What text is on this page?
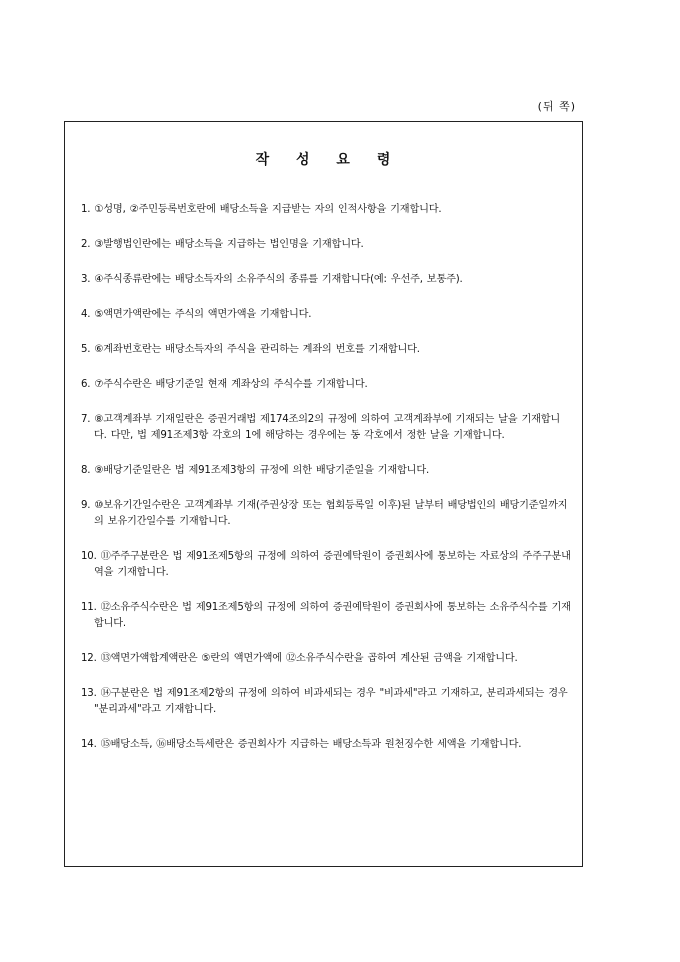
(뒤 쪽)
작 성 요 령

1. ①성명, ②주민등록번호란에 배당소득을 지급받는 자의 인적사항을 기재합니다.

2. ③발행법인란에는 배당소득을 지급하는 법인명을 기재합니다.

3. ④주식종류란에는 배당소득자의 소유주식의 종류를 기재합니다(예: 우선주, 보통주).

4. ⑤액면가액란에는 주식의 액면가액을 기재합니다.

5. ⑥계좌번호란는 배당소득자의 주식을 관리하는 계좌의 번호를 기재합니다.

6. ⑦주식수란은 배당기준일 현재 계좌상의 주식수를 기재합니다.

7. ⑧고객계좌부 기재일란은 증권거래법 제174조의2의 규정에 의하여 고객계좌부에 기재되는 날을 기재합니다. 다만, 법 제91조제3항 각호의 1에 해당하는 경우에는 동 각호에서 정한 날을 기재합니다.

8. ⑨배당기준일란은 법 제91조제3항의 규정에 의한 배당기준일을 기재합니다.

9. ⑩보유기간일수란은 고객계좌부 기재(주권상장 또는 협회등록일 이후)된 날부터 배당법인의 배당기준일까지의 보유기간일수를 기재합니다.

10. ⑪주주구분란은 법 제91조제5항의 규정에 의하여 증권예탁원이 증권회사에 통보하는 자료상의 주주구분내역을 기재합니다.

11. ⑫소유주식수란은 법 제91조제5항의 규정에 의하여 증권예탁원이 증권회사에 통보하는 소유주식수를 기재합니다.

12. ⑬액면가액합계액란은 ⑤란의 액면가액에 ⑫소유주식수란을 곱하여 계산된 금액을 기재합니다.

13. ⑭구분란은 법 제91조제2항의 규정에 의하여 비과세되는 경우 "비과세"라고 기재하고, 분리과세되는 경우 "분리과세"라고 기재합니다.

14. ⑮배당소득, ⑯배당소득세란은 증권회사가 지급하는 배당소득과 원천징수한 세액을 기재합니다.
